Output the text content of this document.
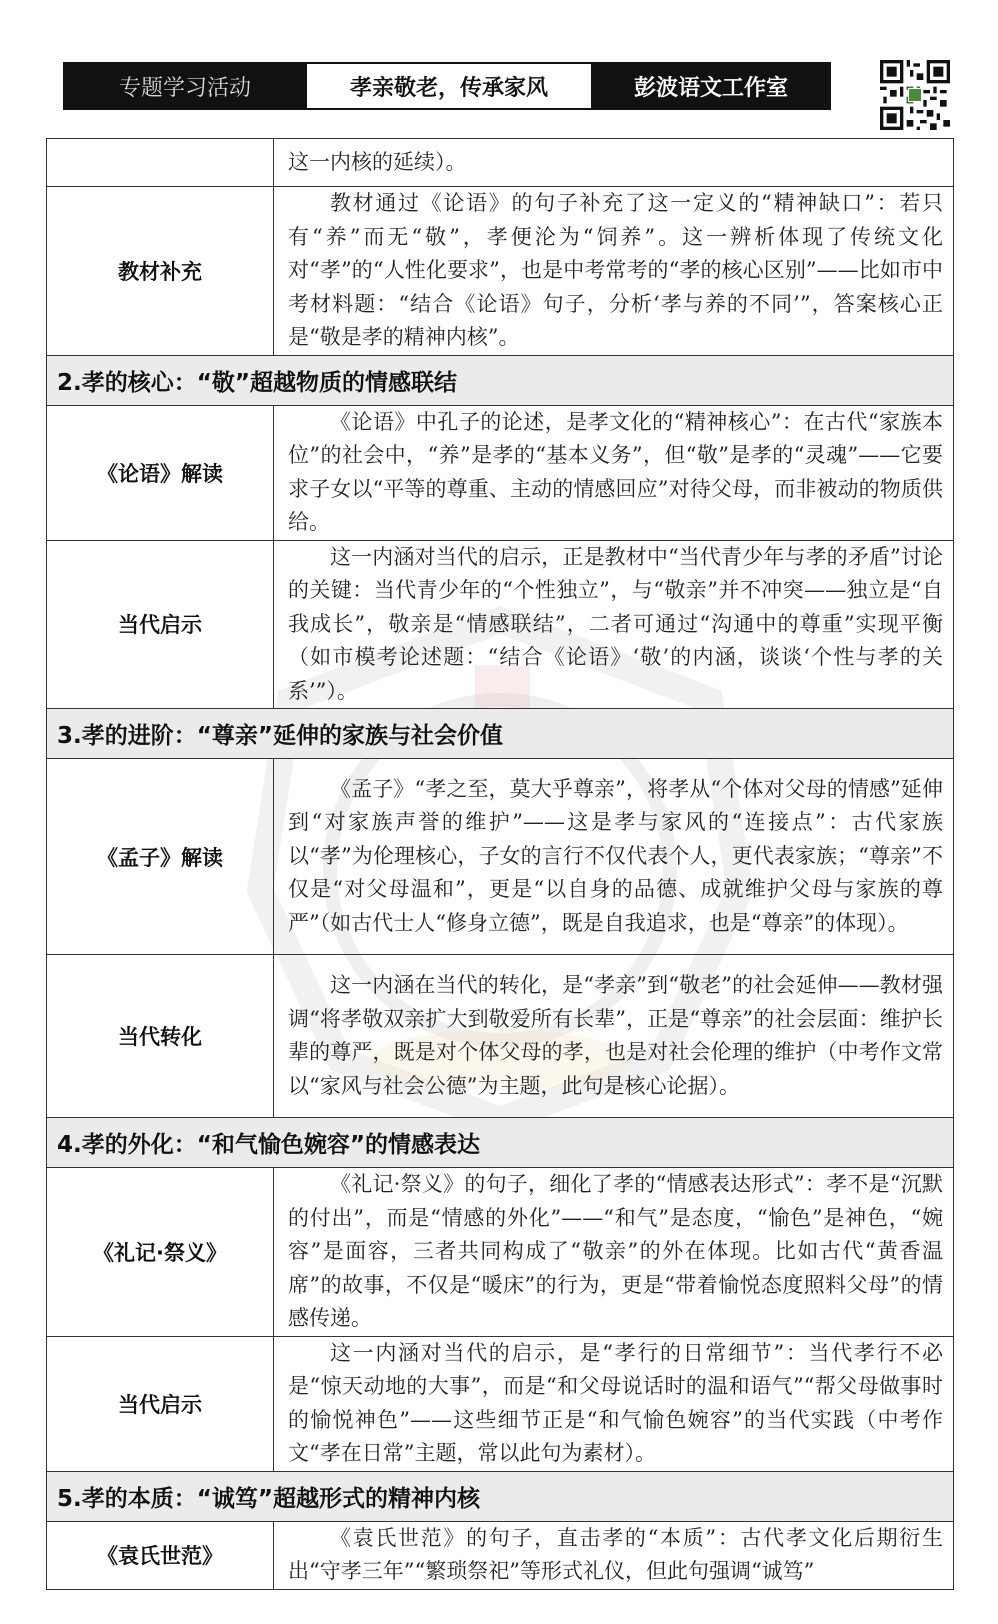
专题学习活动	孝亲敬老，传承家风	彭波语文工作室

	这一内核的延续）。

教材补充	教材通过《论语》的句子补充了这一定义的“精神缺口”：若只有“养”而无“敬”，孝便沦为“饲养”。这一辨析体现了传统文化对“孝”的“人性化要求”，也是中考常考的“孝的核心区别”——比如市中考材料题：“结合《论语》句子，分析‘孝与养的不同’”，答案核心正是“敬是孝的精神内核”。

2.孝的核心：“敬”超越物质的情感联结	
《论语》解读	《论语》中孔子的论述，是孝文化的“精神核心”：在古代“家族本位”的社会中，“养”是孝的“基本义务”，但“敬”是孝的“灵魂”——它要求子女以“平等的尊重、主动的情感回应”对待父母，而非被动的物质供给。

当代启示	这一内涵对当代的启示，正是教材中“当代青少年与孝的矛盾”讨论的关键：当代青少年的“个性独立”，与“敬亲”并不冲突——独立是“自我成长”，敬亲是“情感联结”，二者可通过“沟通中的尊重”实现平衡（如市模考论述题：“结合《论语》‘敬’的内涵，谈谈‘个性与孝的关系’”）。

3.孝的进阶：“尊亲”延伸的家族与社会价值	
《孟子》解读	《孟子》“孝之至，莫大乎尊亲”，将孝从“个体对父母的情感”延伸到“对家族声誉的维护”——这是孝与家风的“连接点”：古代家族以“孝”为伦理核心，子女的言行不仅代表个人，更代表家族；“尊亲”不仅是“对父母温和”，更是“以自身的品德、成就维护父母与家族的尊严”（如古代士人“修身立德”，既是自我追求，也是“尊亲”的体现）。

当代转化	这一内涵在当代的转化，是“孝亲”到“敬老”的社会延伸——教材强调“将孝敬双亲扩大到敬爱所有长辈”，正是“尊亲”的社会层面：维护长辈的尊严，既是对个体父母的孝，也是对社会伦理的维护（中考作文常以“家风与社会公德”为主题，此句是核心论据）。

4.孝的外化：“和气愉色婉容”的情感表达	
《礼记·祭义》	《礼记·祭义》的句子，细化了孝的“情感表达形式”：孝不是“沉默的付出”，而是“情感的外化”——“和气”是态度，“愉色”是神色，“婉容”是面容，三者共同构成了“敬亲”的外在体现。比如古代“黄香温席”的故事，不仅是“暖床”的行为，更是“带着愉悦态度照料父母”的情感传递。

当代启示	这一内涵对当代的启示，是“孝行的日常细节”：当代孝行不必是“惊天动地的大事”，而是“和父母说话时的温和语气”“帮父母做事时的愉悦神色”——这些细节正是“和气愉色婉容”的当代实践（中考作文“孝在日常”主题，常以此句为素材）。

5.孝的本质：“诚笃”超越形式的精神内核	
《袁氏世范》	《袁氏世范》的句子，直击孝的“本质”：古代孝文化后期衍生出“守孝三年”“繁琐祭祀”等形式礼仪，但此句强调“诚笃”
